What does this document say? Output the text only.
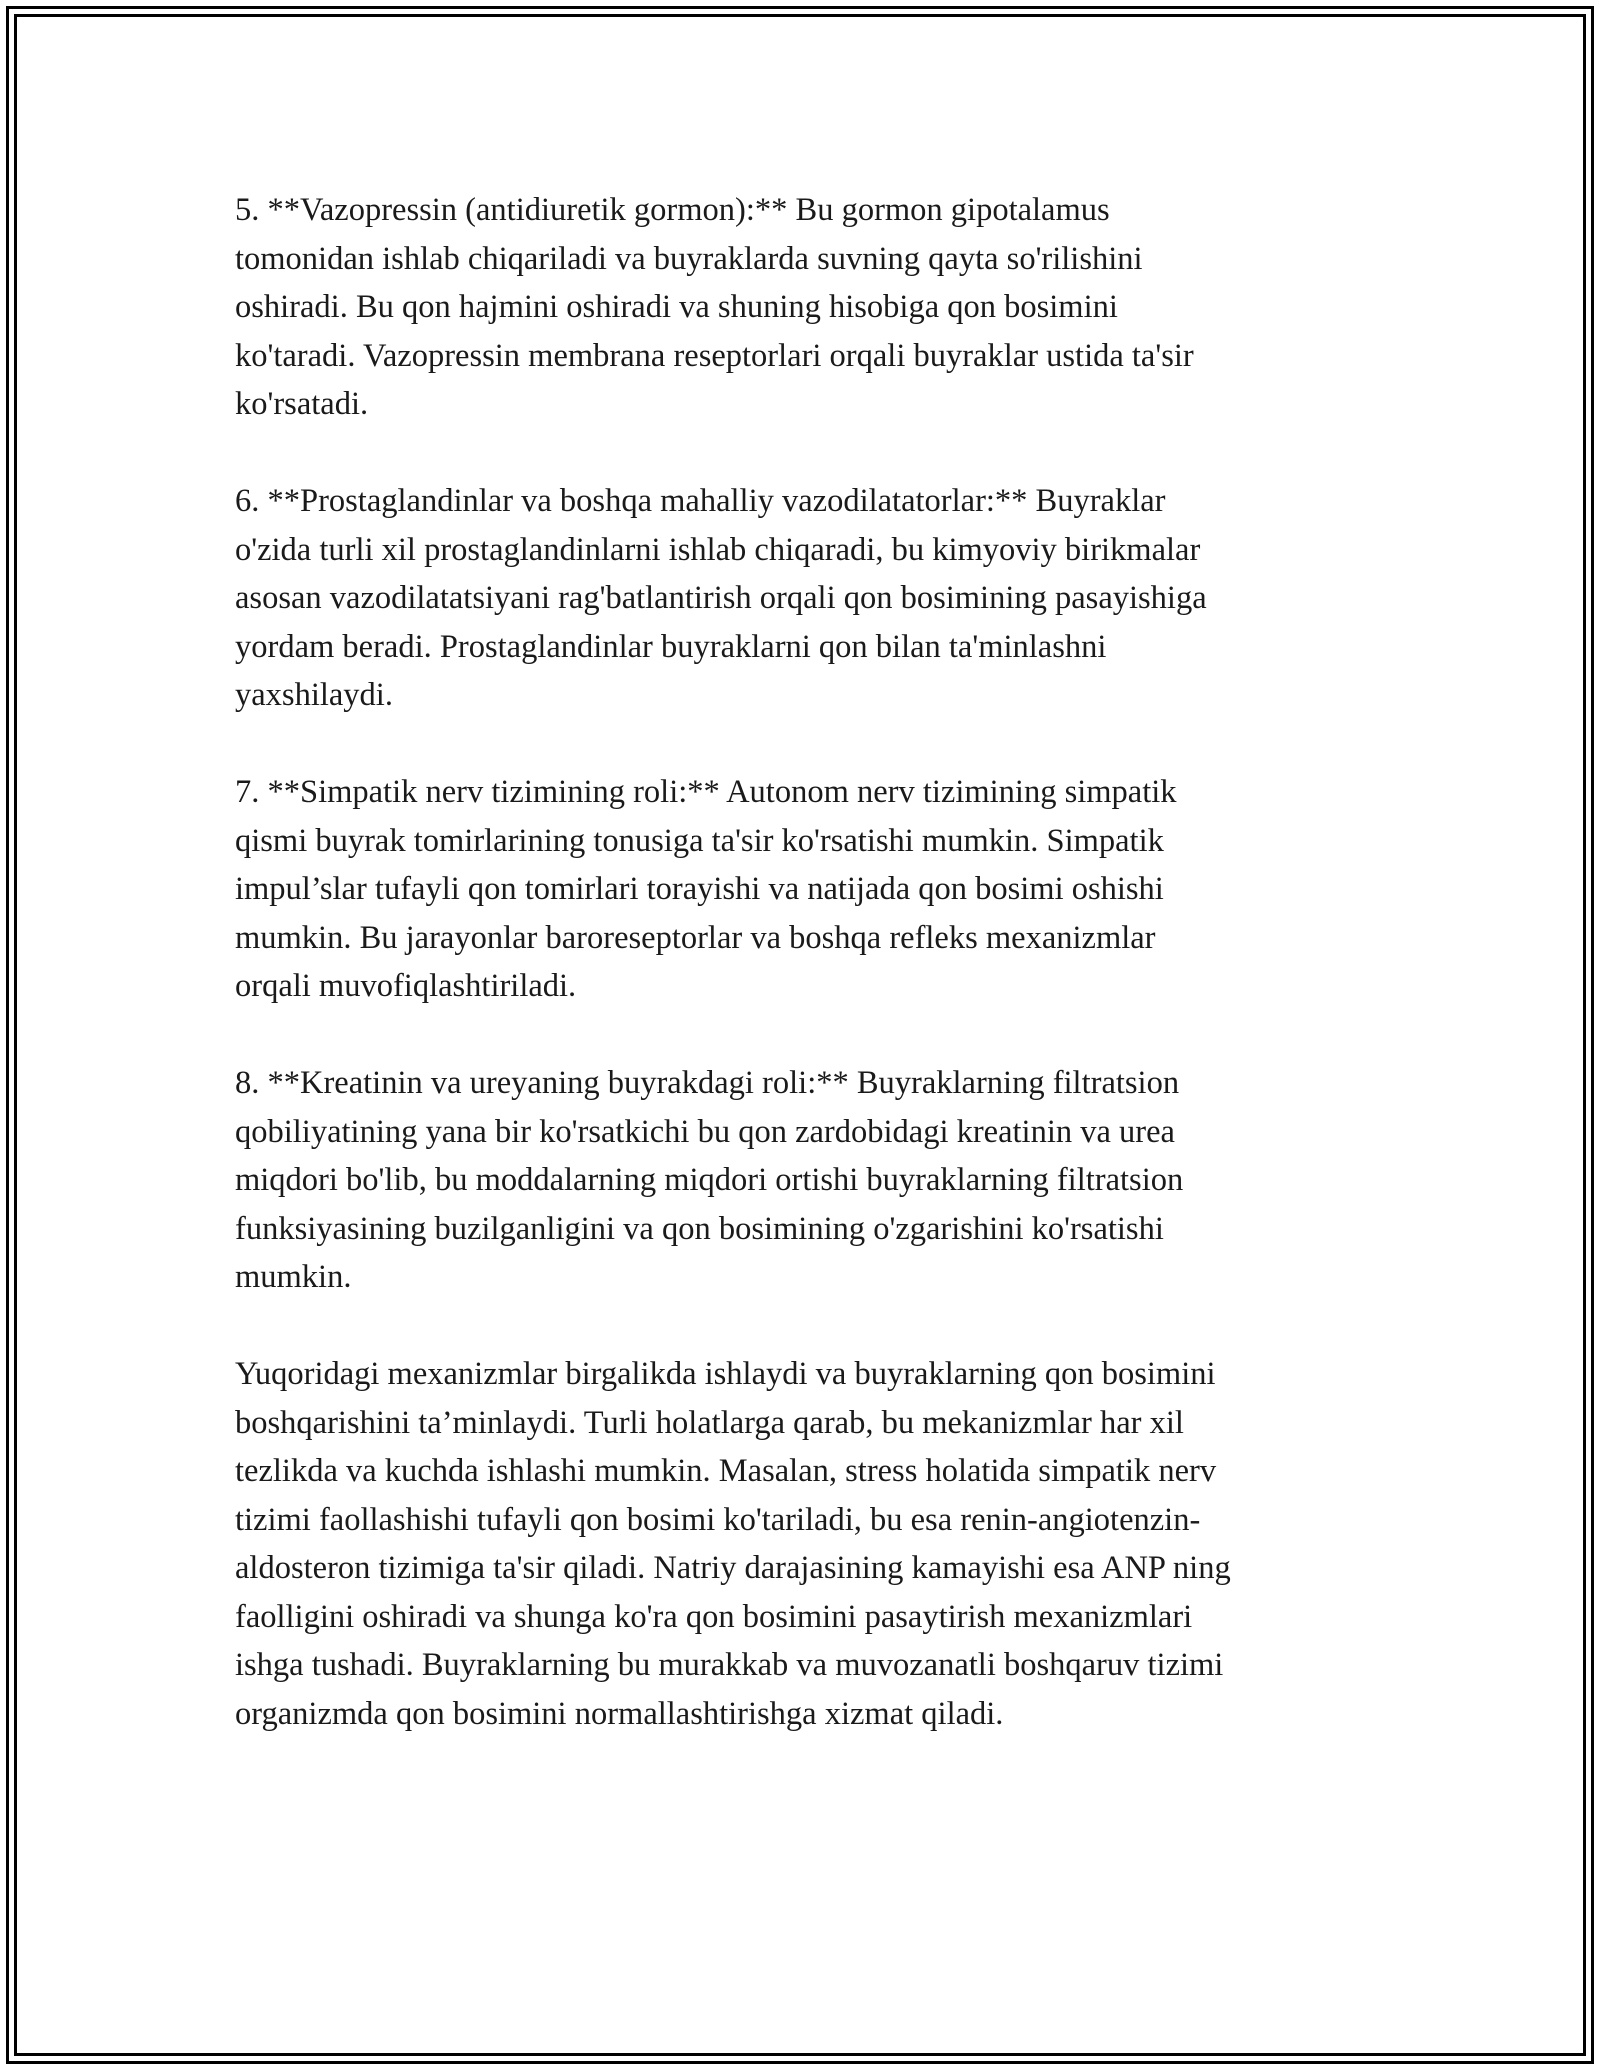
5. **Vazopressin (antidiuretik gormon):** Bu gormon gipotalamus
tomonidan ishlab chiqariladi va buyraklarda suvning qayta so'rilishini
oshiradi. Bu qon hajmini oshiradi va shuning hisobiga qon bosimini
ko'taradi. Vazopressin membrana reseptorlari orqali buyraklar ustida ta'sir
ko'rsatadi.

6. **Prostaglandinlar va boshqa mahalliy vazodilatatorlar:** Buyraklar
o'zida turli xil prostaglandinlarni ishlab chiqaradi, bu kimyoviy birikmalar
asosan vazodilatatsiyani rag'batlantirish orqali qon bosimining pasayishiga
yordam beradi. Prostaglandinlar buyraklarni qon bilan ta'minlashni
yaxshilaydi.

7. **Simpatik nerv tizimining roli:** Autonom nerv tizimining simpatik
qismi buyrak tomirlarining tonusiga ta'sir ko'rsatishi mumkin. Simpatik
impul’slar tufayli qon tomirlari torayishi va natijada qon bosimi oshishi
mumkin. Bu jarayonlar baroreseptorlar va boshqa refleks mexanizmlar
orqali muvofiqlashtiriladi.

8. **Kreatinin va ureyaning buyrakdagi roli:** Buyraklarning filtratsion
qobiliyatining yana bir ko'rsatkichi bu qon zardobidagi kreatinin va urea
miqdori bo'lib, bu moddalarning miqdori ortishi buyraklarning filtratsion
funksiyasining buzilganligini va qon bosimining o'zgarishini ko'rsatishi
mumkin.

Yuqoridagi mexanizmlar birgalikda ishlaydi va buyraklarning qon bosimini
boshqarishini ta’minlaydi. Turli holatlarga qarab, bu mekanizmlar har xil
tezlikda va kuchda ishlashi mumkin. Masalan, stress holatida simpatik nerv
tizimi faollashishi tufayli qon bosimi ko'tariladi, bu esa renin-angiotenzin-
aldosteron tizimiga ta'sir qiladi. Natriy darajasining kamayishi esa ANP ning
faolligini oshiradi va shunga ko'ra qon bosimini pasaytirish mexanizmlari
ishga tushadi. Buyraklarning bu murakkab va muvozanatli boshqaruv tizimi
organizmda qon bosimini normallashtirishga xizmat qiladi.
